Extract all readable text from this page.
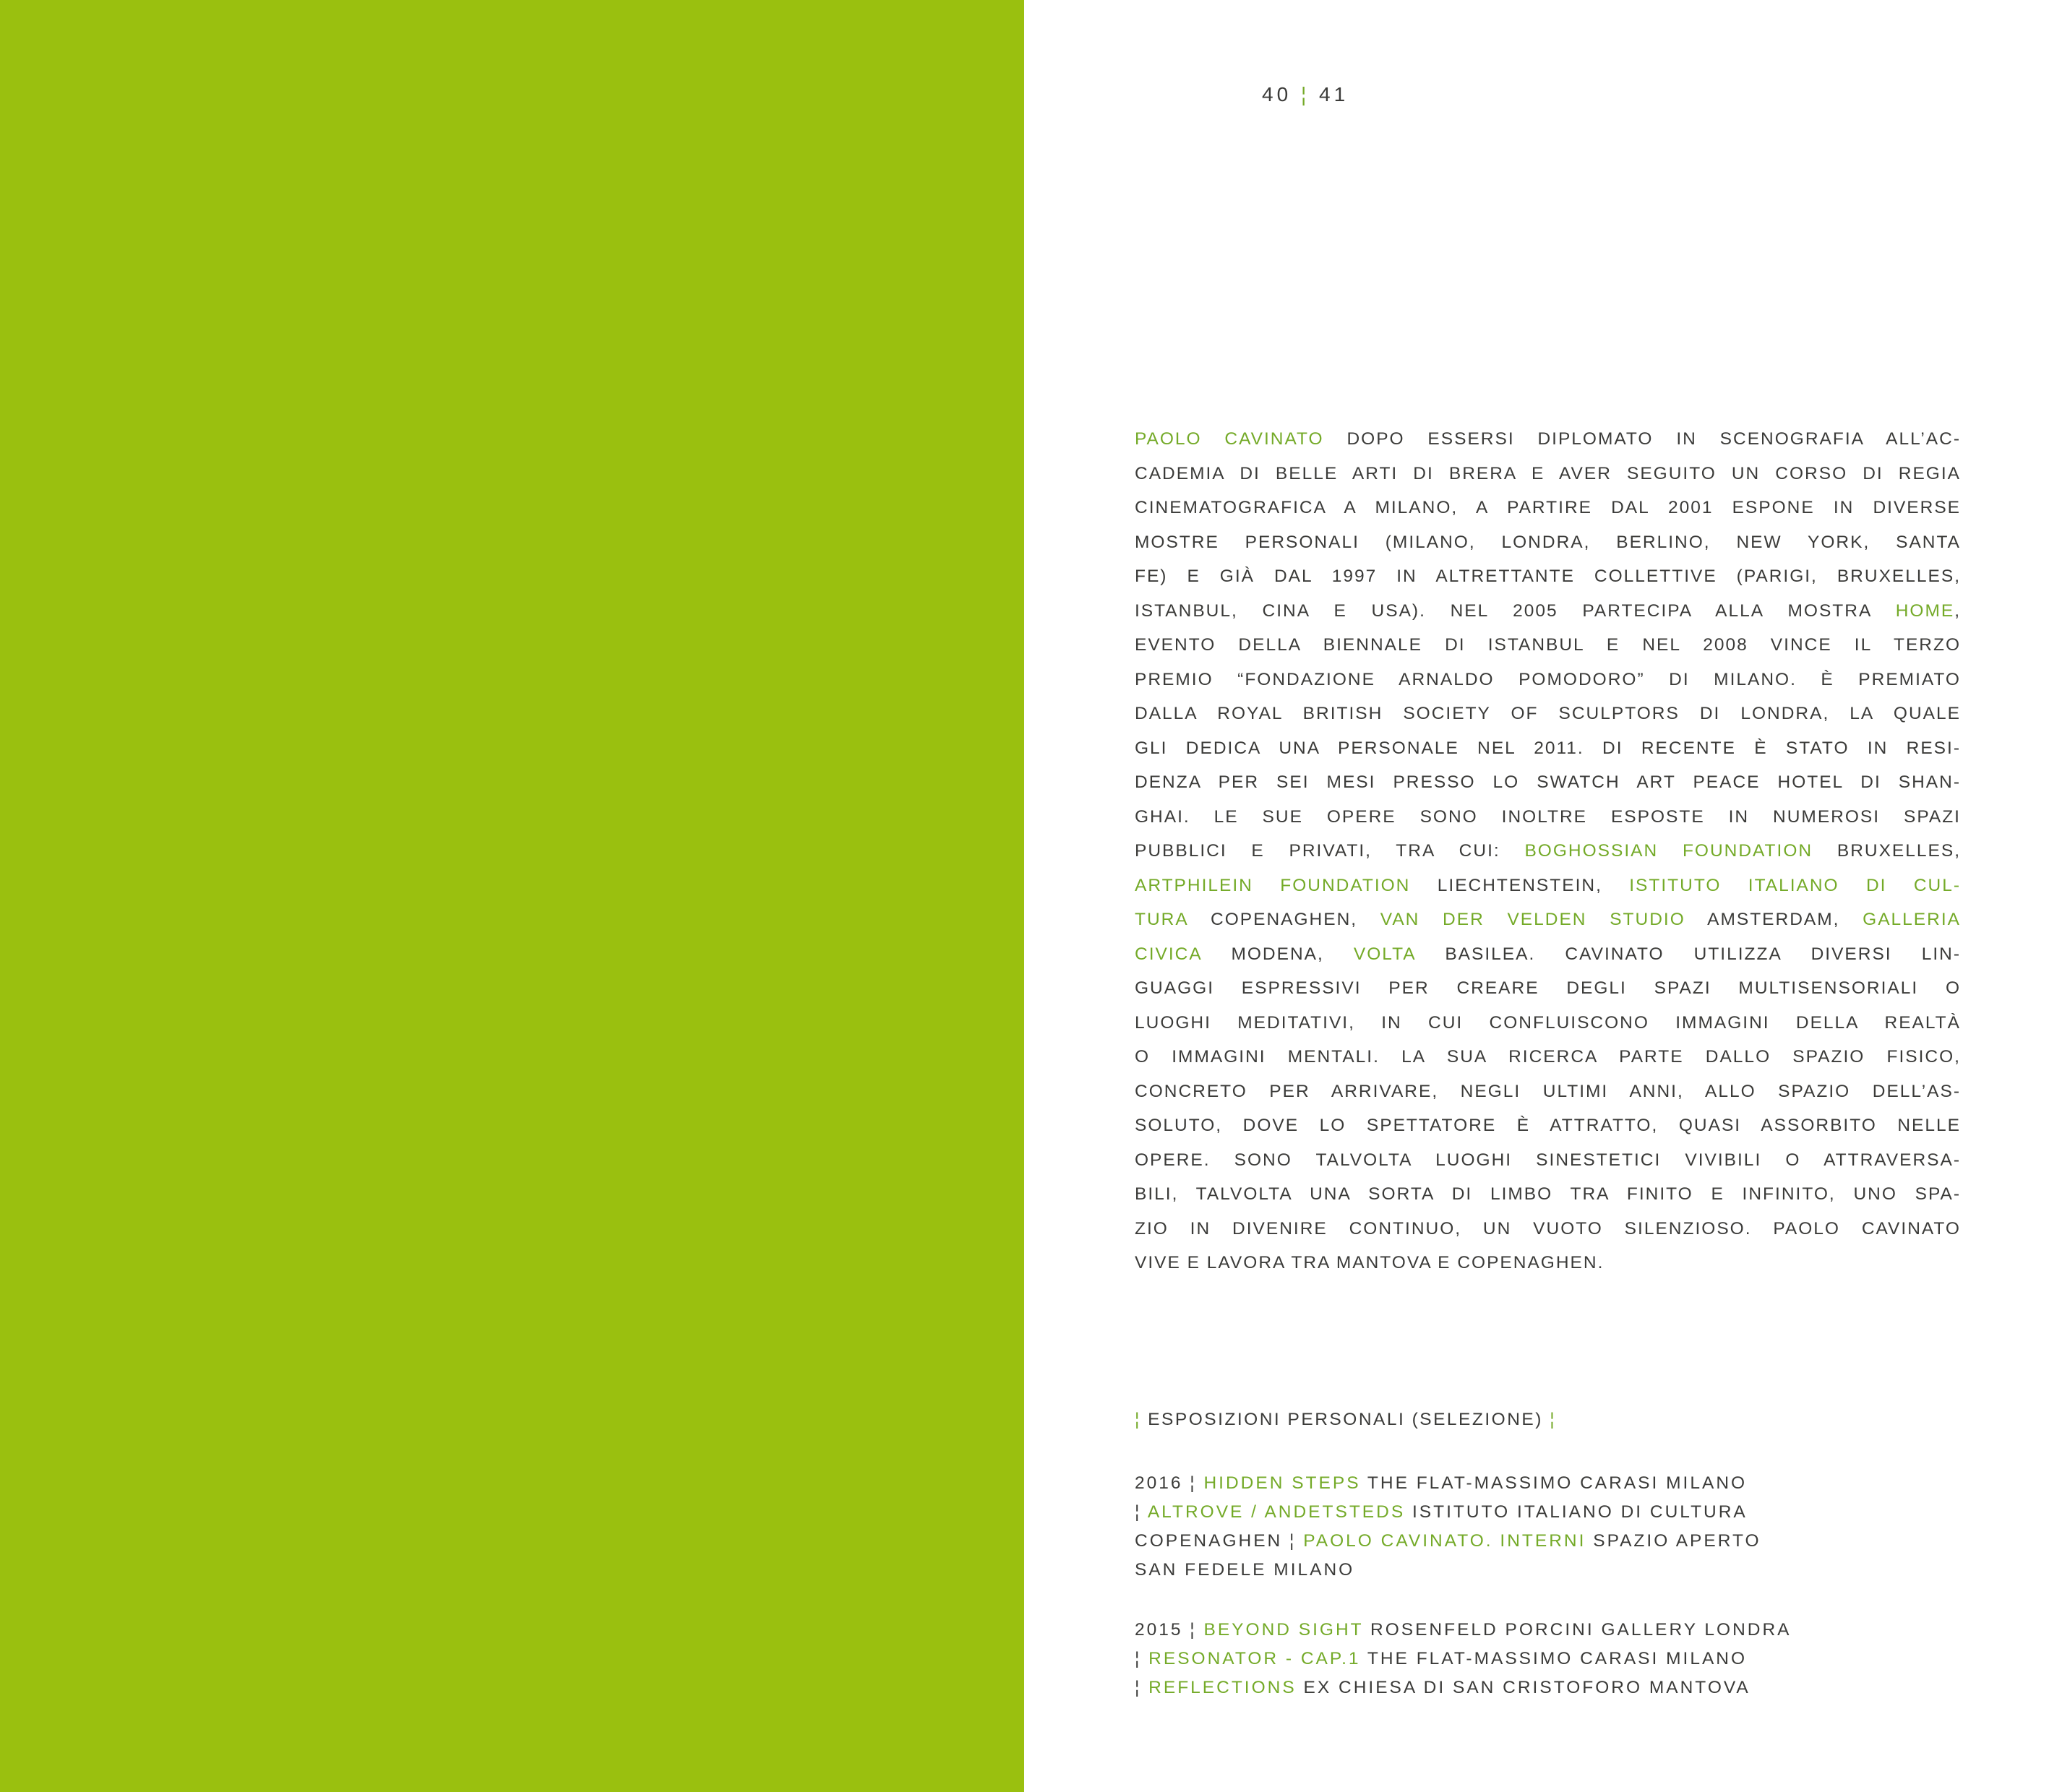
40 ¦ 41
PAOLO CAVINATO DOPO ESSERSI DIPLOMATO IN SCENOGRAFIA ALL’AC-
CADEMIA DI BELLE ARTI DI BRERA E AVER SEGUITO UN CORSO DI REGIA
CINEMATOGRAFICA A MILANO, A PARTIRE DAL 2001 ESPONE IN DIVERSE
MOSTRE PERSONALI (MILANO, LONDRA, BERLINO, NEW YORK, SANTA
FE) E GIÀ DAL 1997 IN ALTRETTANTE COLLETTIVE (PARIGI, BRUXELLES,
ISTANBUL, CINA E USA). NEL 2005 PARTECIPA ALLA MOSTRA HOME,
EVENTO DELLA BIENNALE DI ISTANBUL E NEL 2008 VINCE IL TERZO
PREMIO “FONDAZIONE ARNALDO POMODORO” DI MILANO. È PREMIATO
DALLA ROYAL BRITISH SOCIETY OF SCULPTORS DI LONDRA, LA QUALE
GLI DEDICA UNA PERSONALE NEL 2011. DI RECENTE È STATO IN RESI-
DENZA PER SEI MESI PRESSO LO SWATCH ART PEACE HOTEL DI SHAN-
GHAI. LE SUE OPERE SONO INOLTRE ESPOSTE IN NUMEROSI SPAZI
PUBBLICI E PRIVATI, TRA CUI: BOGHOSSIAN FOUNDATION BRUXELLES,
ARTPHILEIN FOUNDATION LIECHTENSTEIN, ISTITUTO ITALIANO DI CUL-
TURA COPENAGHEN, VAN DER VELDEN STUDIO AMSTERDAM, GALLERIA
CIVICA MODENA, VOLTA BASILEA. CAVINATO UTILIZZA DIVERSI LIN-
GUAGGI ESPRESSIVI PER CREARE DEGLI SPAZI MULTISENSORIALI O
LUOGHI MEDITATIVI, IN CUI CONFLUISCONO IMMAGINI DELLA REALTÀ
O IMMAGINI MENTALI. LA SUA RICERCA PARTE DALLO SPAZIO FISICO,
CONCRETO PER ARRIVARE, NEGLI ULTIMI ANNI, ALLO SPAZIO DELL’AS-
SOLUTO, DOVE LO SPETTATORE È ATTRATTO, QUASI ASSORBITO NELLE
OPERE. SONO TALVOLTA LUOGHI SINESTETICI VIVIBILI O ATTRAVERSA-
BILI, TALVOLTA UNA SORTA DI LIMBO TRA FINITO E INFINITO, UNO SPA-
ZIO IN DIVENIRE CONTINUO, UN VUOTO SILENZIOSO. PAOLO CAVINATO
VIVE E LAVORA TRA MANTOVA E COPENAGHEN.
¦ ESPOSIZIONI PERSONALI (SELEZIONE) ¦
2016 ¦ HIDDEN STEPS THE FLAT-MASSIMO CARASI MILANO
¦ ALTROVE / ANDETSTEDS ISTITUTO ITALIANO DI CULTURA
COPENAGHEN ¦ PAOLO CAVINATO. INTERNI SPAZIO APERTO
SAN FEDELE MILANO
2015 ¦ BEYOND SIGHT ROSENFELD PORCINI GALLERY LONDRA
¦ RESONATOR - CAP.1 THE FLAT-MASSIMO CARASI MILANO
¦ REFLECTIONS EX CHIESA DI SAN CRISTOFORO MANTOVA
